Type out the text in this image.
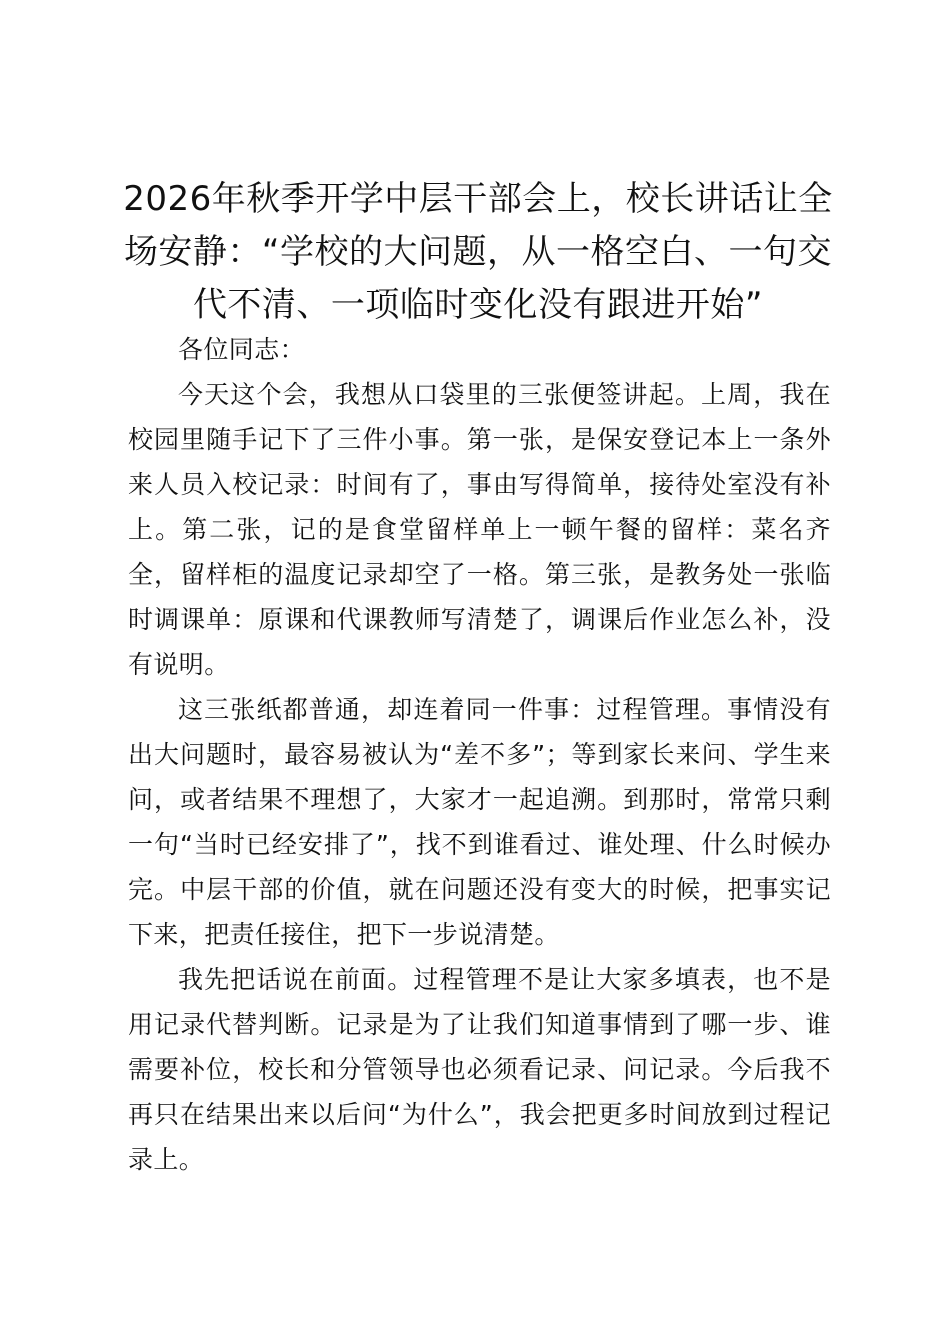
2026年秋季开学中层干部会上，校长讲话让全场安静：“学校的大问题，从一格空白、一句交代不清、一项临时变化没有跟进开始”

各位同志：

今天这个会，我想从口袋里的三张便签讲起。上周，我在校园里随手记下了三件小事。第一张，是保安登记本上一条外来人员入校记录：时间有了，事由写得简单，接待处室没有补上。第二张，记的是食堂留样单上一顿午餐的留样：菜名齐全，留样柜的温度记录却空了一格。第三张，是教务处一张临时调课单：原课和代课教师写清楚了，调课后作业怎么补，没有说明。

这三张纸都普通，却连着同一件事：过程管理。事情没有出大问题时，最容易被认为“差不多”；等到家长来问、学生来问，或者结果不理想了，大家才一起追溯。到那时，常常只剩一句“当时已经安排了”，找不到谁看过、谁处理、什么时候办完。中层干部的价值，就在问题还没有变大的时候，把事实记下来，把责任接住，把下一步说清楚。

我先把话说在前面。过程管理不是让大家多填表，也不是用记录代替判断。记录是为了让我们知道事情到了哪一步、谁需要补位，校长和分管领导也必须看记录、问记录。今后我不再只在结果出来以后问“为什么”，我会把更多时间放到过程记录上。
